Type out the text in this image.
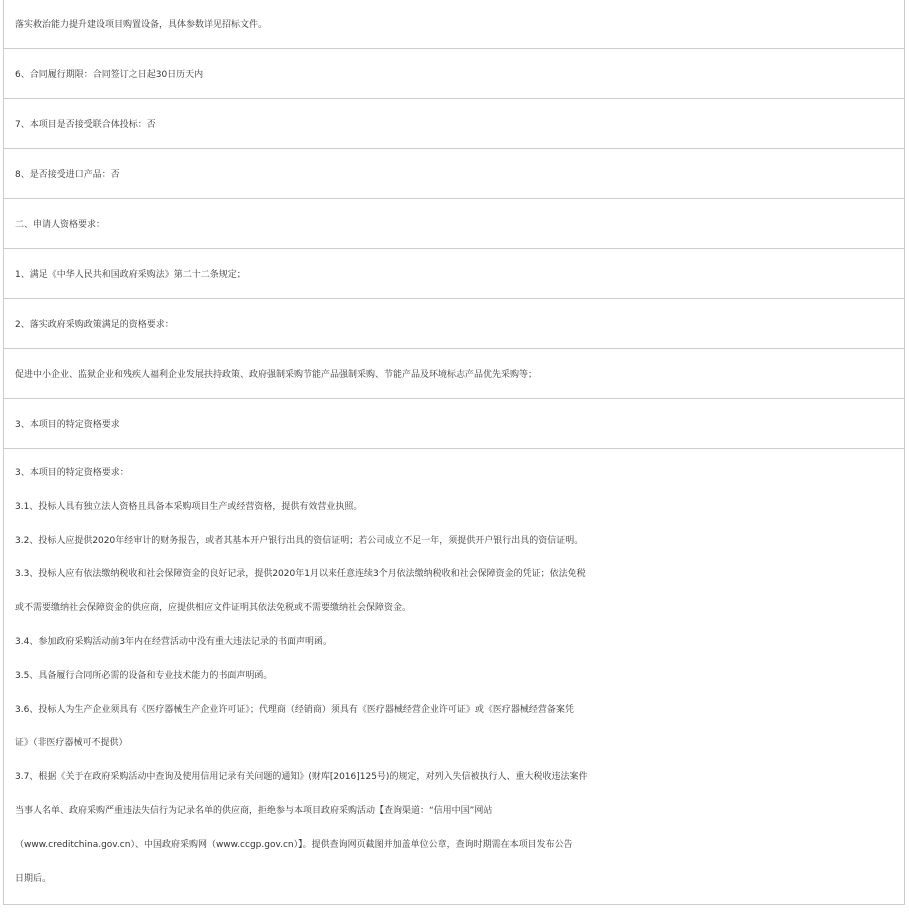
落实救治能力提升建设项目购置设备，具体参数详见招标文件。
6、合同履行期限：合同签订之日起30日历天内
7、本项目是否接受联合体投标：否
8、是否接受进口产品：否
二、申请人资格要求：
1、满足《中华人民共和国政府采购法》第二十二条规定；
2、落实政府采购政策满足的资格要求：
促进中小企业、监狱企业和残疾人福利企业发展扶持政策、政府强制采购节能产品强制采购、节能产品及环境标志产品优先采购等；
3、本项目的特定资格要求

3、本项目的特定资格要求：
3.1、投标人具有独立法人资格且具备本采购项目生产或经营资格，提供有效营业执照。
3.2、投标人应提供2020年经审计的财务报告，或者其基本开户银行出具的资信证明；若公司成立不足一年，须提供开户银行出具的资信证明。
3.3、投标人应有依法缴纳税收和社会保障资金的良好记录，提供2020年1月以来任意连续3个月依法缴纳税收和社会保障资金的凭证；依法免税
或不需要缴纳社会保障资金的供应商，应提供相应文件证明其依法免税或不需要缴纳社会保障资金。
3.4、参加政府采购活动前3年内在经营活动中没有重大违法记录的书面声明函。
3.5、具备履行合同所必需的设备和专业技术能力的书面声明函。
3.6、投标人为生产企业须具有《医疗器械生产企业许可证》；代理商（经销商）须具有《医疗器械经营企业许可证》或《医疗器械经营备案凭
证》（非医疗器械可不提供）
3.7、根据《关于在政府采购活动中查询及使用信用记录有关问题的通知》(财库[2016]125号)的规定，对列入失信被执行人、重大税收违法案件
当事人名单、政府采购严重违法失信行为记录名单的供应商，拒绝参与本项目政府采购活动【查询渠道：“信用中国”网站
（www.creditchina.gov.cn）、中国政府采购网（www.ccgp.gov.cn）】。提供查询网页截图并加盖单位公章，查询时期需在本项目发布公告
日期后。
